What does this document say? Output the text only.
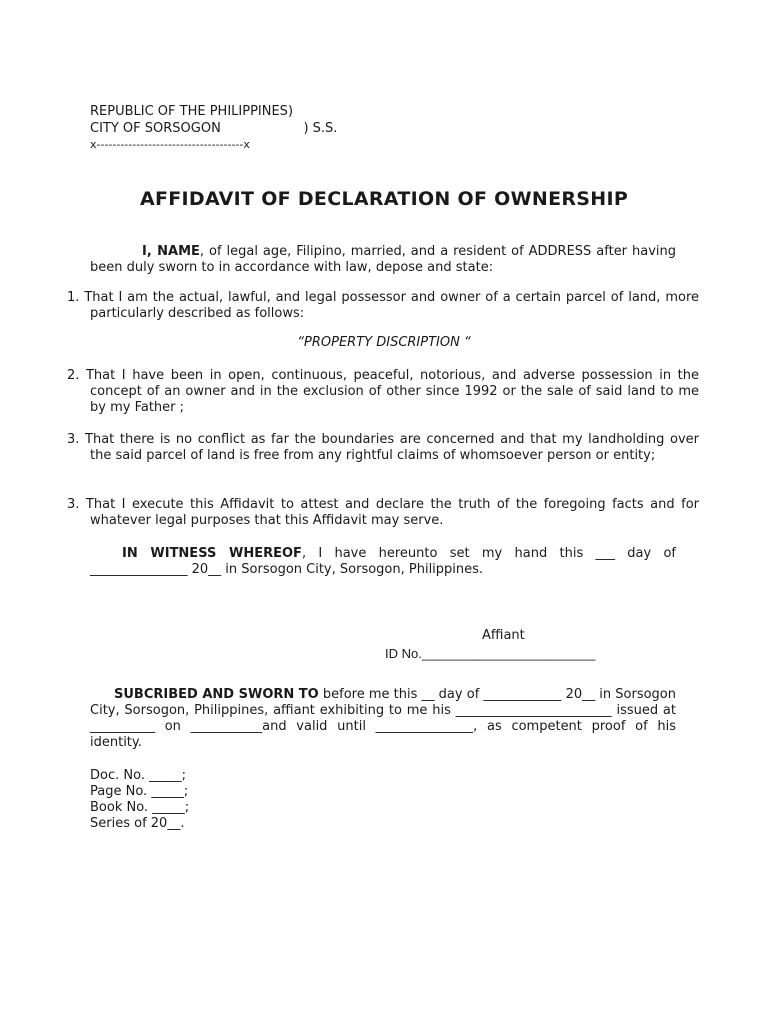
REPUBLIC OF THE PHILIPPINES)
CITY OF SORSOGON                    ) S.S.
x-------------------------------------x
AFFIDAVIT OF DECLARATION OF OWNERSHIP
I, NAME, of legal age, Filipino, married, and a resident of ADDRESS after having been duly sworn to in accordance with law, depose and state:
1. That I am the actual, lawful, and legal possessor and owner of a certain parcel of land, more particularly described as follows:
“PROPERTY DISCRIPTION “
2. That I have been in open, continuous, peaceful, notorious, and adverse possession in the concept of an owner and in the exclusion of other since 1992 or the sale of said land to me by my Father ;
3. That there is no conflict as far the boundaries are concerned and that my landholding over the said parcel of land is free from any rightful claims of whomsoever person or entity;
3. That I execute this Affidavit to attest and declare the truth of the foregoing facts and for whatever legal purposes that this Affidavit may serve.
IN WITNESS WHEREOF, I have hereunto set my hand this ___ day of _______________ 20__ in Sorsogon City, Sorsogon, Philippines.
Affiant
ID No.________________________
SUBCRIBED AND SWORN TO before me this __ day of ____________ 20__ in Sorsogon City, Sorsogon, Philippines, affiant exhibiting to me his ________________________ issued at __________ on ___________and valid until _______________, as competent proof of his identity.
Doc. No. _____;
Page No. _____;
Book No. _____;
Series of 20__.
